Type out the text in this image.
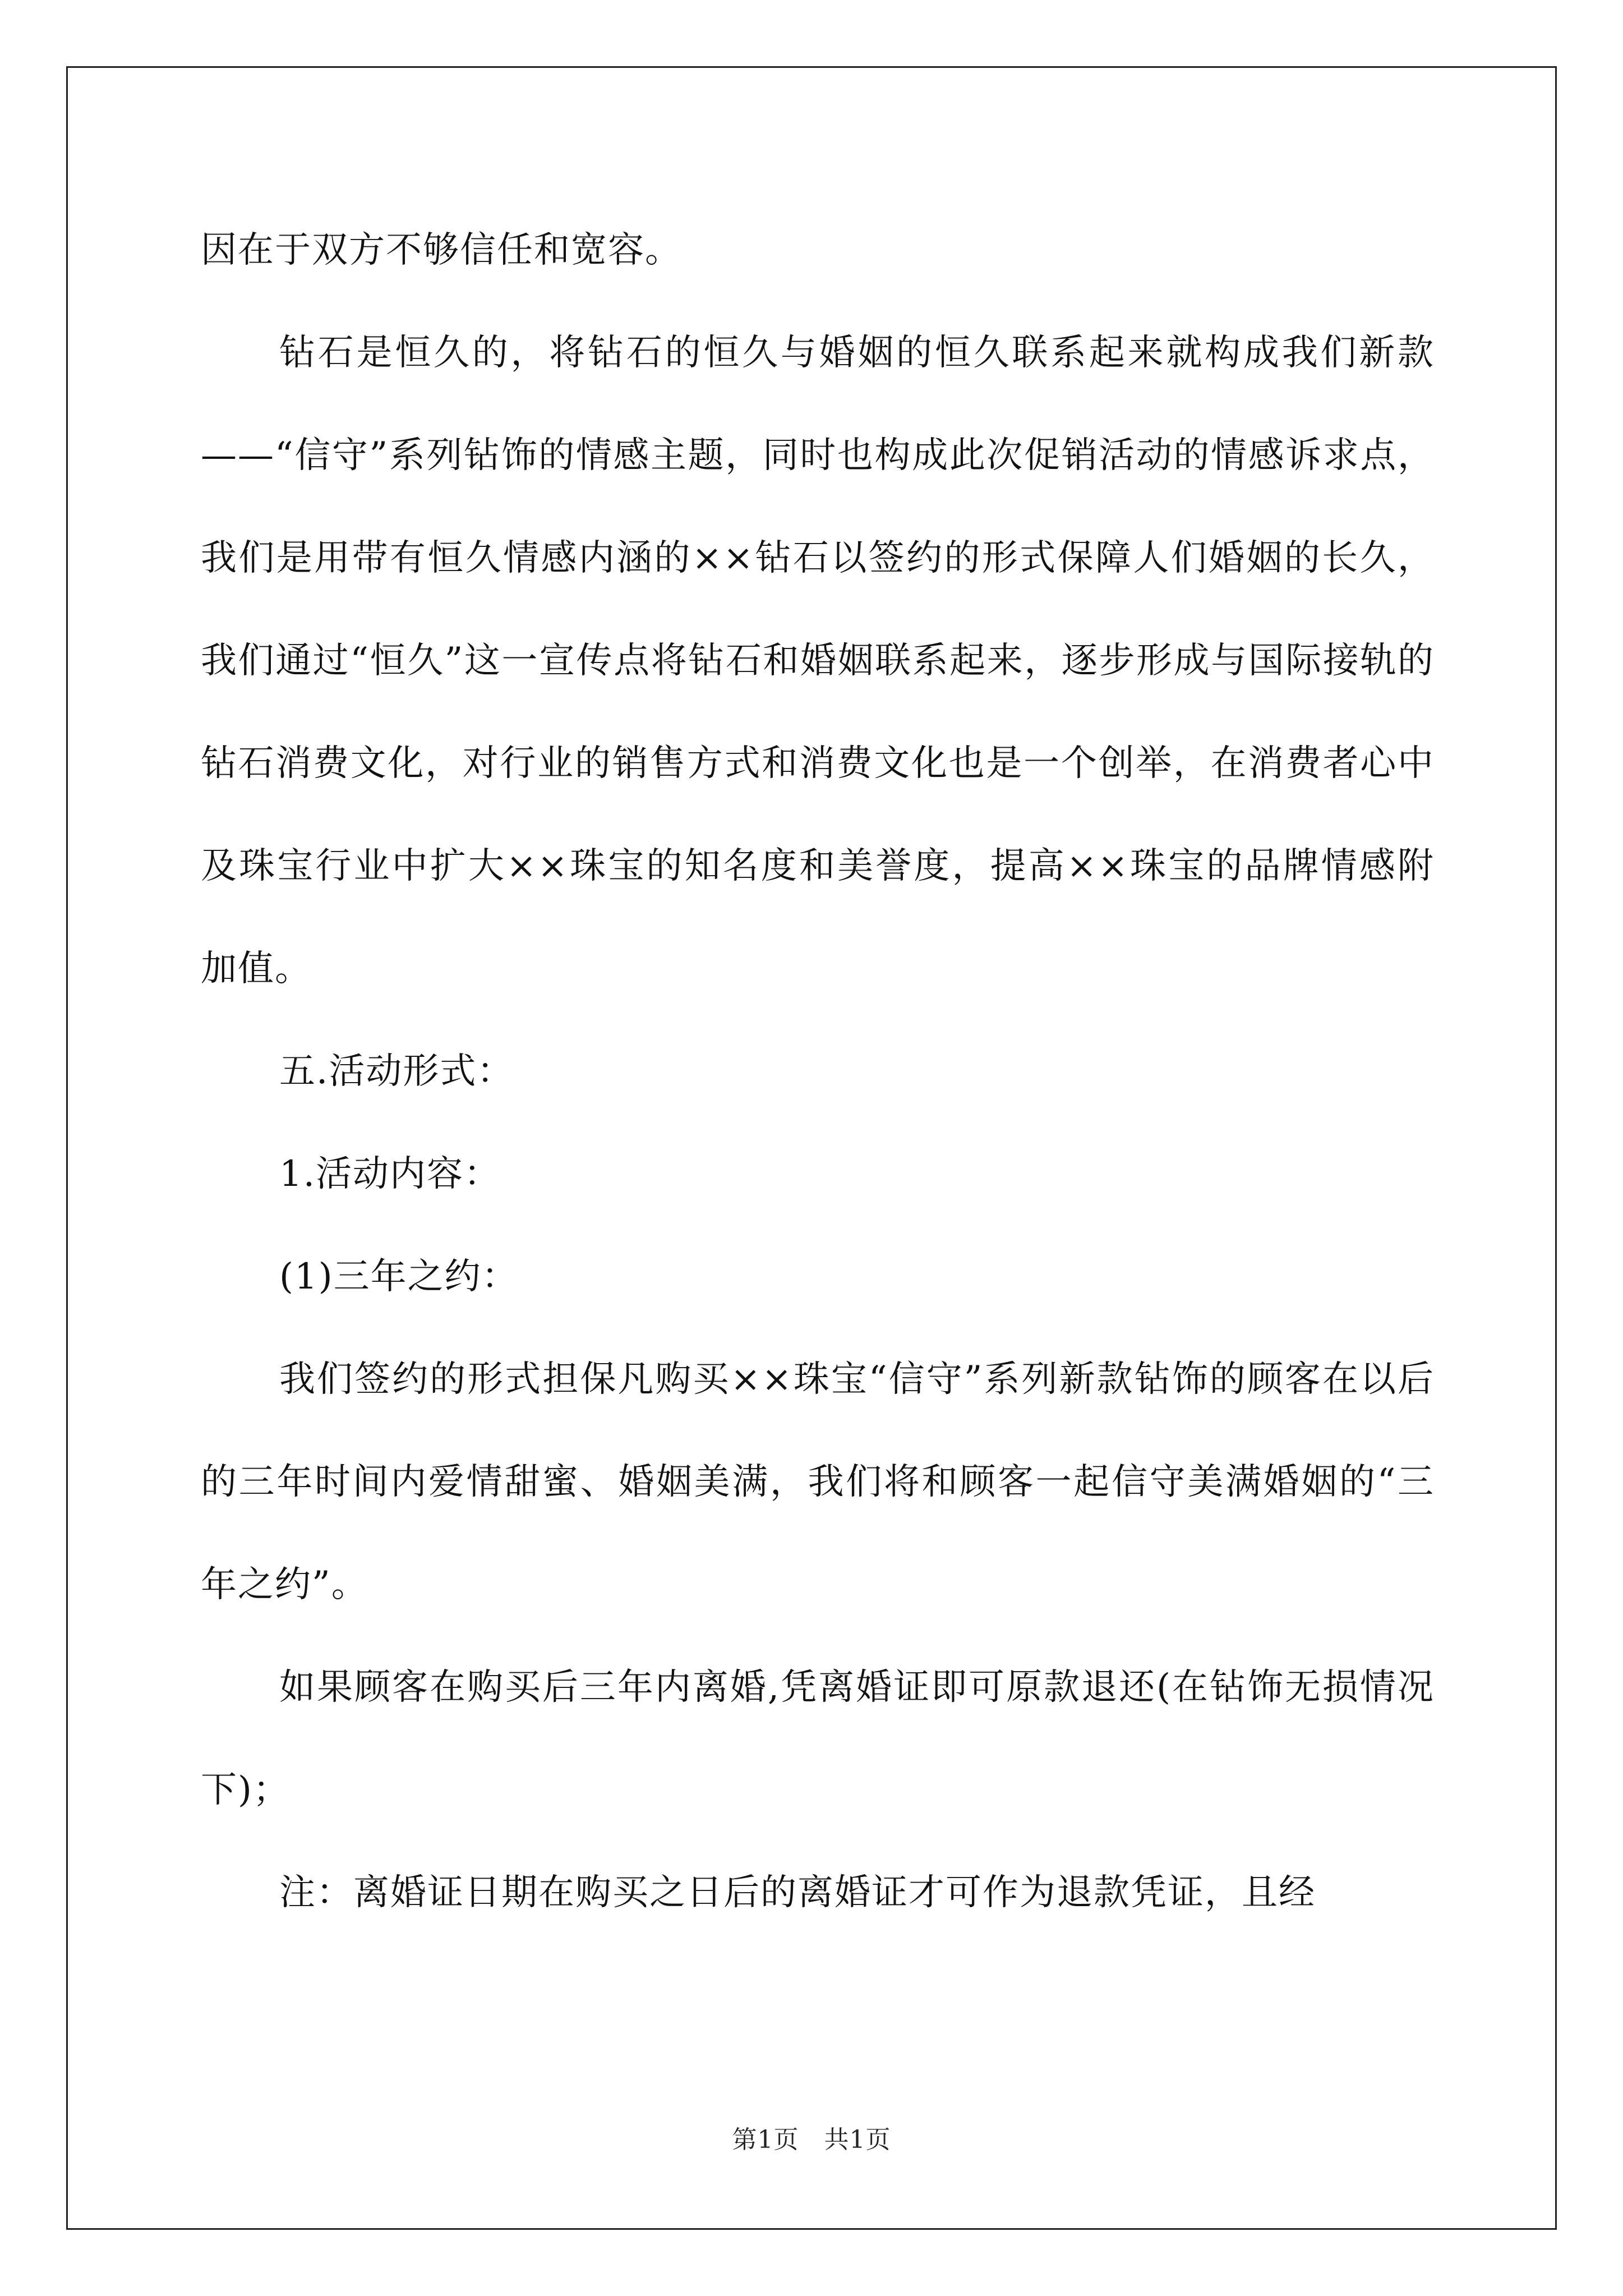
因在于双方不够信任和宽容。

钻石是恒久的，将钻石的恒久与婚姻的恒久联系起来就构成我们新款——“信守”系列钻饰的情感主题，同时也构成此次促销活动的情感诉求点，我们是用带有恒久情感内涵的××钻石以签约的形式保障人们婚姻的长久，我们通过“恒久”这一宣传点将钻石和婚姻联系起来，逐步形成与国际接轨的钻石消费文化，对行业的销售方式和消费文化也是一个创举，在消费者心中及珠宝行业中扩大××珠宝的知名度和美誉度，提高××珠宝的品牌情感附加值。

五.活动形式：

1.活动内容：

(1)三年之约：

我们签约的形式担保凡购买××珠宝“信守”系列新款钻饰的顾客在以后的三年时间内爱情甜蜜、婚姻美满，我们将和顾客一起信守美满婚姻的“三年之约”。

如果顾客在购买后三年内离婚,凭离婚证即可原款退还(在钻饰无损情况下)；

注：离婚证日期在购买之日后的离婚证才可作为退款凭证，且经

第1页　共1页
